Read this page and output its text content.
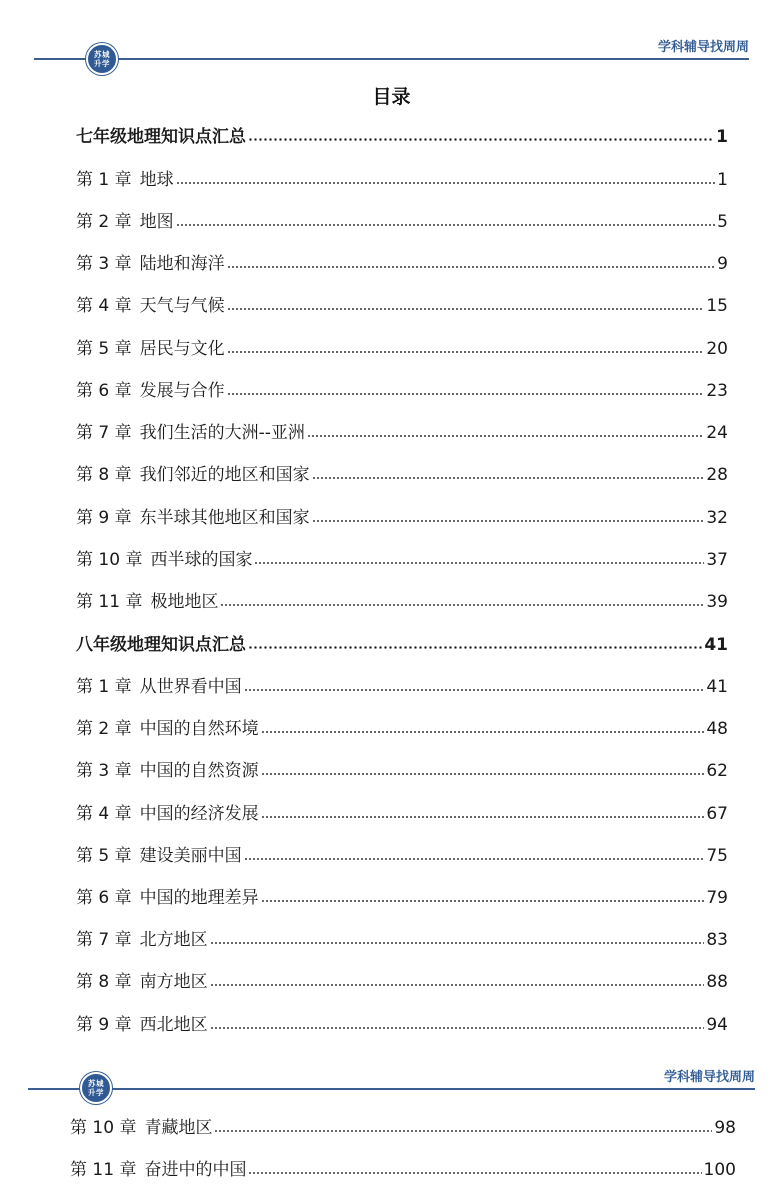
苏城
升学
学科辅导找周周
目录
七年级地理知识点汇总	1
第 1 章 地球	1
第 2 章 地图	5
第 3 章 陆地和海洋	9
第 4 章 天气与气候	15
第 5 章 居民与文化	20
第 6 章 发展与合作	23
第 7 章 我们生活的大洲--亚洲	24
第 8 章 我们邻近的地区和国家	28
第 9 章 东半球其他地区和国家	32
第 10 章 西半球的国家	37
第 11 章 极地地区	39
八年级地理知识点汇总	41
第 1 章 从世界看中国	41
第 2 章 中国的自然环境	48
第 3 章 中国的自然资源	62
第 4 章 中国的经济发展	67
第 5 章 建设美丽中国	75
第 6 章 中国的地理差异	79
第 7 章 北方地区	83
第 8 章 南方地区	88
第 9 章 西北地区	94
苏城
升学
学科辅导找周周
第 10 章 青藏地区	98
第 11 章 奋进中的中国	100
